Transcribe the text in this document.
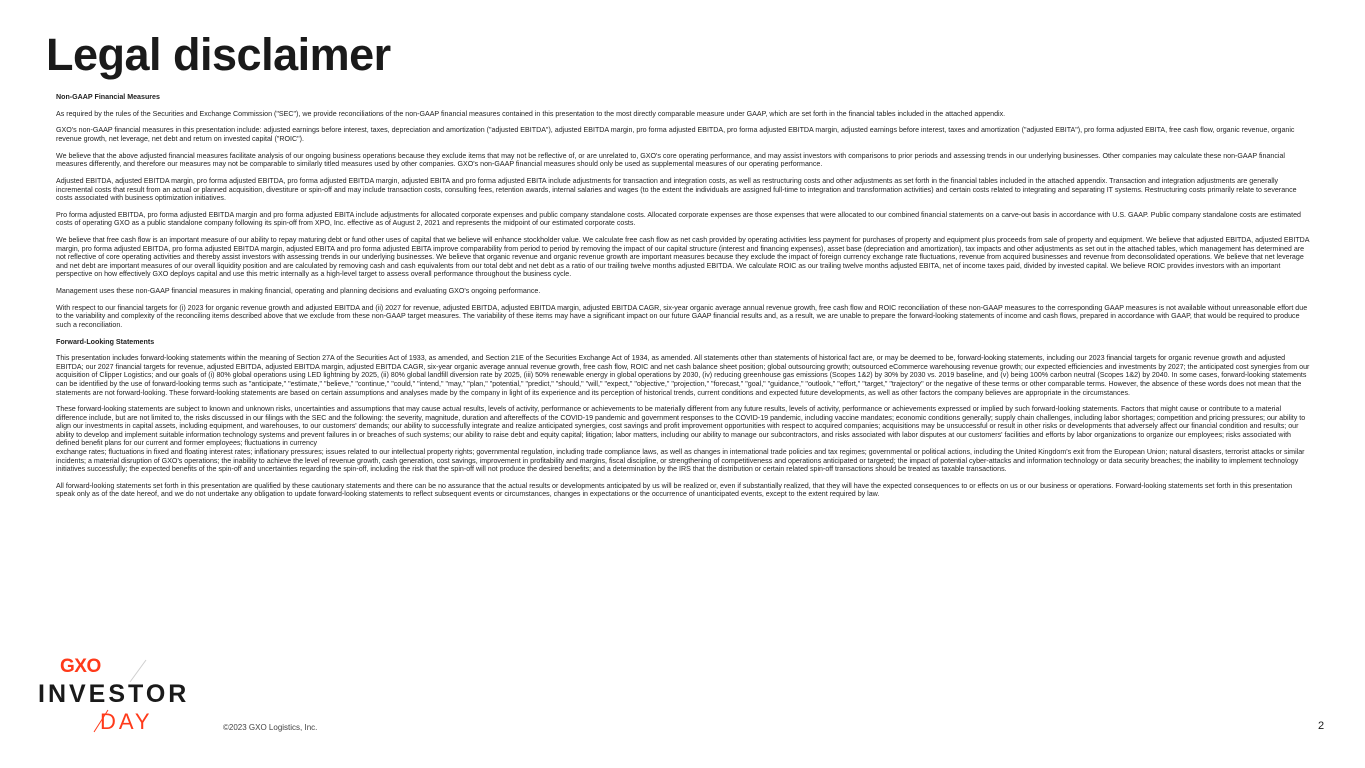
Legal disclaimer

Non-GAAP Financial Measures

As required by the rules of the Securities and Exchange Commission ("SEC"), we provide reconciliations of the non-GAAP financial measures contained in this presentation to the most directly comparable measure under GAAP, which are set forth in the financial tables included in the attached appendix.

GXO's non-GAAP financial measures in this presentation include: adjusted earnings before interest, taxes, depreciation and amortization ("adjusted EBITDA"), adjusted EBITDA margin, pro forma adjusted EBITDA, pro forma adjusted EBITDA margin, adjusted earnings before interest, taxes and amortization ("adjusted EBITA"), pro forma adjusted EBITA, free cash flow, organic revenue, organic revenue growth, net leverage, net debt and return on invested capital ("ROIC").

We believe that the above adjusted financial measures facilitate analysis of our ongoing business operations because they exclude items that may not be reflective of, or are unrelated to, GXO's core operating performance, and may assist investors with comparisons to prior periods and assessing trends in our underlying businesses. Other companies may calculate these non-GAAP financial measures differently, and therefore our measures may not be comparable to similarly titled measures used by other companies. GXO's non-GAAP financial measures should only be used as supplemental measures of our operating performance.

Adjusted EBITDA, adjusted EBITDA margin, pro forma adjusted EBITDA, pro forma adjusted EBITDA margin, adjusted EBITA and pro forma adjusted EBITA include adjustments for transaction and integration costs, as well as restructuring costs and other adjustments as set forth in the financial tables included in the attached appendix. Transaction and integration adjustments are generally incremental costs that result from an actual or planned acquisition, divestiture or spin-off and may include transaction costs, consulting fees, retention awards, internal salaries and wages (to the extent the individuals are assigned full-time to integration and transformation activities) and certain costs related to integrating and separating IT systems. Restructuring costs primarily relate to severance costs associated with business optimization initiatives.

Pro forma adjusted EBITDA, pro forma adjusted EBITDA margin and pro forma adjusted EBITA include adjustments for allocated corporate expenses and public company standalone costs. Allocated corporate expenses are those expenses that were allocated to our combined financial statements on a carve-out basis in accordance with U.S. GAAP. Public company standalone costs are estimated costs of operating GXO as a public standalone company following its spin-off from XPO, Inc. effective as of August 2, 2021 and represents the midpoint of our estimated corporate costs.

We believe that free cash flow is an important measure of our ability to repay maturing debt or fund other uses of capital that we believe will enhance stockholder value. We calculate free cash flow as net cash provided by operating activities less payment for purchases of property and equipment plus proceeds from sale of property and equipment. We believe that adjusted EBITDA, adjusted EBITDA margin, pro forma adjusted EBITDA, pro forma adjusted EBITDA margin, adjusted EBITA and pro forma adjusted EBITA improve comparability from period to period by removing the impact of our capital structure (interest and financing expenses), asset base (depreciation and amortization), tax impacts and other adjustments as set out in the attached tables, which management has determined are not reflective of core operating activities and thereby assist investors with assessing trends in our underlying businesses. We believe that organic revenue and organic revenue growth are important measures because they exclude the impact of foreign currency exchange rate fluctuations, revenue from acquired businesses and revenue from deconsolidated operations. We believe that net leverage and net debt are important measures of our overall liquidity position and are calculated by removing cash and cash equivalents from our total debt and net debt as a ratio of our trailing twelve months adjusted EBITDA. We calculate ROIC as our trailing twelve months adjusted EBITA, net of income taxes paid, divided by invested capital. We believe ROIC provides investors with an important perspective on how effectively GXO deploys capital and use this metric internally as a high-level target to assess overall performance throughout the business cycle.

Management uses these non-GAAP financial measures in making financial, operating and planning decisions and evaluating GXO's ongoing performance.

With respect to our financial targets for (i) 2023 for organic revenue growth and adjusted EBITDA and (ii) 2027 for revenue, adjusted EBITDA, adjusted EBITDA margin, adjusted EBITDA CAGR, six-year organic average annual revenue growth, free cash flow and ROIC reconciliation of these non-GAAP measures to the corresponding GAAP measures is not available without unreasonable effort due to the variability and complexity of the reconciling items described above that we exclude from these non-GAAP target measures. The variability of these items may have a significant impact on our future GAAP financial results and, as a result, we are unable to prepare the forward-looking statements of income and cash flows, prepared in accordance with GAAP, that would be required to produce such a reconciliation.

Forward-Looking Statements

This presentation includes forward-looking statements within the meaning of Section 27A of the Securities Act of 1933, as amended, and Section 21E of the Securities Exchange Act of 1934, as amended. All statements other than statements of historical fact are, or may be deemed to be, forward-looking statements, including our 2023 financial targets for organic revenue growth and adjusted EBITDA; our 2027 financial targets for revenue, adjusted EBITDA, adjusted EBITDA margin, adjusted EBITDA CAGR, six-year organic average annual revenue growth, free cash flow, ROIC and net cash balance sheet position; global outsourcing growth; outsourced eCommerce warehousing revenue growth; our expected efficiencies and investments by 2027; the anticipated cost synergies from our acquisition of Clipper Logistics; and our goals of (i) 80% global operations using LED lightning by 2025, (ii) 80% global landfill diversion rate by 2025, (iii) 50% renewable energy in global operations by 2030, (iv) reducing greenhouse gas emissions (Scopes 1&2) by 30% by 2030 vs. 2019 baseline, and (v) being 100% carbon neutral (Scopes 1&2) by 2040. In some cases, forward-looking statements can be identified by the use of forward-looking terms such as "anticipate," "estimate," "believe," "continue," "could," "intend," "may," "plan," "potential," "predict," "should," "will," "expect," "objective," "projection," "forecast," "goal," "guidance," "outlook," "effort," "target," "trajectory" or the negative of these terms or other comparable terms. However, the absence of these words does not mean that the statements are not forward-looking. These forward-looking statements are based on certain assumptions and analyses made by the company in light of its experience and its perception of historical trends, current conditions and expected future developments, as well as other factors the company believes are appropriate in the circumstances.

These forward-looking statements are subject to known and unknown risks, uncertainties and assumptions that may cause actual results, levels of activity, performance or achievements to be materially different from any future results, levels of activity, performance or achievements expressed or implied by such forward-looking statements. Factors that might cause or contribute to a material difference include, but are not limited to, the risks discussed in our filings with the SEC and the following: the severity, magnitude, duration and aftereffects of the COVID-19 pandemic and government responses to the COVID-19 pandemic, including vaccine mandates; economic conditions generally; supply chain challenges, including labor shortages; competition and pricing pressures; our ability to align our investments in capital assets, including equipment, and warehouses, to our customers' demands; our ability to successfully integrate and realize anticipated synergies, cost savings and profit improvement opportunities with respect to acquired companies; acquisitions may be unsuccessful or result in other risks or developments that adversely affect our financial condition and results; our ability to develop and implement suitable information technology systems and prevent failures in or breaches of such systems; our ability to raise debt and equity capital; litigation; labor matters, including our ability to manage our subcontractors, and risks associated with labor disputes at our customers' facilities and efforts by labor organizations to organize our employees; risks associated with defined benefit plans for our current and former employees; fluctuations in currency
exchange rates; fluctuations in fixed and floating interest rates; inflationary pressures; issues related to our intellectual property rights; governmental regulation, including trade compliance laws, as well as changes in international trade policies and tax regimes; governmental or political actions, including the United Kingdom's exit from the European Union; natural disasters, terrorist attacks or similar incidents; a material disruption of GXO's operations; the inability to achieve the level of revenue growth, cash generation, cost savings, improvement in profitability and margins, fiscal discipline, or strengthening of competitiveness and operations anticipated or targeted; the impact of potential cyber-attacks and information technology or data security breaches; the inability to implement technology initiatives successfully; the expected benefits of the spin-off and uncertainties regarding the spin-off, including the risk that the spin-off will not produce the desired benefits; and a determination by the IRS that the distribution or certain related spin-off transactions should be treated as taxable transactions.

All forward-looking statements set forth in this presentation are qualified by these cautionary statements and there can be no assurance that the actual results or developments anticipated by us will be realized or, even if substantially realized, that they will have the expected consequences to or effects on us or our business or operations. Forward-looking statements set forth in this presentation speak only as of the date hereof, and we do not undertake any obligation to update forward-looking statements to reflect subsequent events or circumstances, changes in expectations or the occurrence of unanticipated events, except to the extent required by law.

GXO
INVESTOR
DAY	©2023 GXO Logistics, Inc.	2
